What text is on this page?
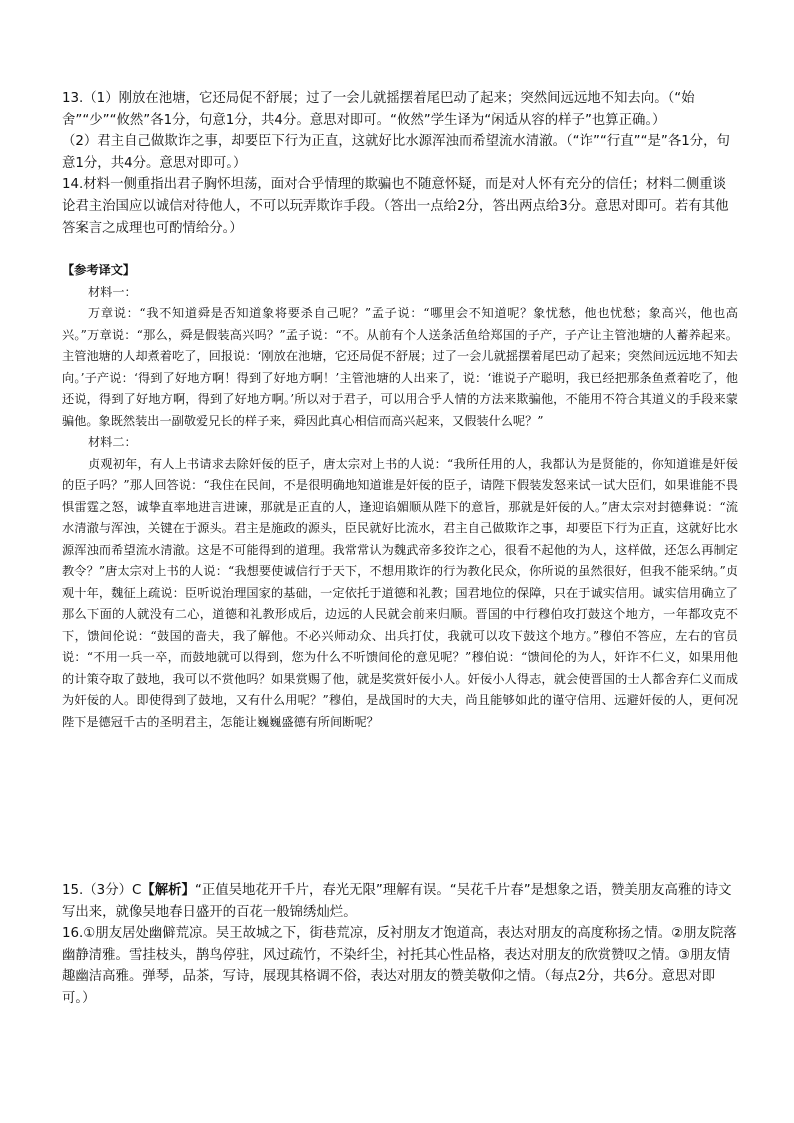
13.（1）刚放在池塘，它还局促不舒展；过了一会儿就摇摆着尾巴动了起来；突然间远远地不知去向。（“始舍”“少”“攸然”各1分，句意1分，共4分。意思对即可。“攸然”学生译为“闲适从容的样子”也算正确。）

（2）君主自己做欺诈之事，却要臣下行为正直，这就好比水源浑浊而希望流水清澈。（“诈”“行直”“是”各1分，句意1分，共4分。意思对即可。）

14.材料一侧重指出君子胸怀坦荡，面对合乎情理的欺骗也不随意怀疑，而是对人怀有充分的信任；材料二侧重谈论君主治国应以诚信对待他人，不可以玩弄欺诈手段。（答出一点给2分，答出两点给3分。意思对即可。若有其他答案言之成理也可酌情给分。）

【参考译文】

材料一：

万章说：“我不知道舜是否知道象将要杀自己呢？”孟子说：“哪里会不知道呢？象忧愁，他也忧愁；象高兴，他也高兴。”万章说：“那么，舜是假装高兴吗？”孟子说：“不。从前有个人送条活鱼给郑国的子产，子产让主管池塘的人蓄养起来。主管池塘的人却煮着吃了，回报说：‘刚放在池塘，它还局促不舒展；过了一会儿就摇摆着尾巴动了起来；突然间远远地不知去向。’子产说：‘得到了好地方啊！得到了好地方啊！’主管池塘的人出来了，说：‘谁说子产聪明，我已经把那条鱼煮着吃了，他还说，得到了好地方啊，得到了好地方啊。’所以对于君子，可以用合乎人情的方法来欺骗他，不能用不符合其道义的手段来蒙骗他。象既然装出一副敬爱兄长的样子来，舜因此真心相信而高兴起来，又假装什么呢？”

材料二：

贞观初年，有人上书请求去除奸佞的臣子，唐太宗对上书的人说：“我所任用的人，我都认为是贤能的，你知道谁是奸佞的臣子吗？”那人回答说：“我住在民间，不是很明确地知道谁是奸佞的臣子，请陛下假装发怒来试一试大臣们，如果谁能不畏惧雷霆之怒，诚挚直率地进言进谏，那就是正直的人，逢迎谄媚顺从陛下的意旨，那就是奸佞的人。”唐太宗对封德彝说：“流水清澈与浑浊，关键在于源头。君主是施政的源头，臣民就好比流水，君主自己做欺诈之事，却要臣下行为正直，这就好比水源浑浊而希望流水清澈。这是不可能得到的道理。我常常认为魏武帝多狡诈之心，很看不起他的为人，这样做，还怎么再制定教令？”唐太宗对上书的人说：“我想要使诚信行于天下，不想用欺诈的行为教化民众，你所说的虽然很好，但我不能采纳。”贞观十年，魏征上疏说：臣听说治理国家的基础，一定依托于道德和礼教；国君地位的保障，只在于诚实信用。诚实信用确立了那么下面的人就没有二心，道德和礼教形成后，边远的人民就会前来归顺。晋国的中行穆伯攻打鼓这个地方，一年都攻克不下，馈间伦说：“鼓国的啬夫，我了解他。不必兴师动众、出兵打仗，我就可以攻下鼓这个地方。”穆伯不答应，左右的官员说：“不用一兵一卒，而鼓地就可以得到，您为什么不听馈间伦的意见呢？”穆伯说：“馈间伦的为人，奸诈不仁义，如果用他的计策夺取了鼓地，我可以不赏他吗？如果赏赐了他，就是奖赏奸佞小人。奸佞小人得志，就会使晋国的士人都舍弃仁义而成为奸佞的人。即使得到了鼓地，又有什么用呢？”穆伯，是战国时的大夫，尚且能够如此的谨守信用、远避奸佞的人，更何况陛下是德冠千古的圣明君主，怎能让巍巍盛德有所间断呢？

15.（3分）C【解析】“正值吴地花开千片，春光无限”理解有误。“吴花千片春”是想象之语，赞美朋友高雅的诗文写出来，就像吴地春日盛开的百花一般锦绣灿烂。

16.①朋友居处幽僻荒凉。吴王故城之下，街巷荒凉，反衬朋友才饱道高，表达对朋友的高度称扬之情。②朋友院落幽静清雅。雪挂枝头，鹊鸟停驻，风过疏竹，不染纤尘，衬托其心性品格，表达对朋友的欣赏赞叹之情。③朋友情趣幽洁高雅。弹琴，品茶，写诗，展现其格调不俗，表达对朋友的赞美敬仰之情。（每点2分，共6分。意思对即可。）
